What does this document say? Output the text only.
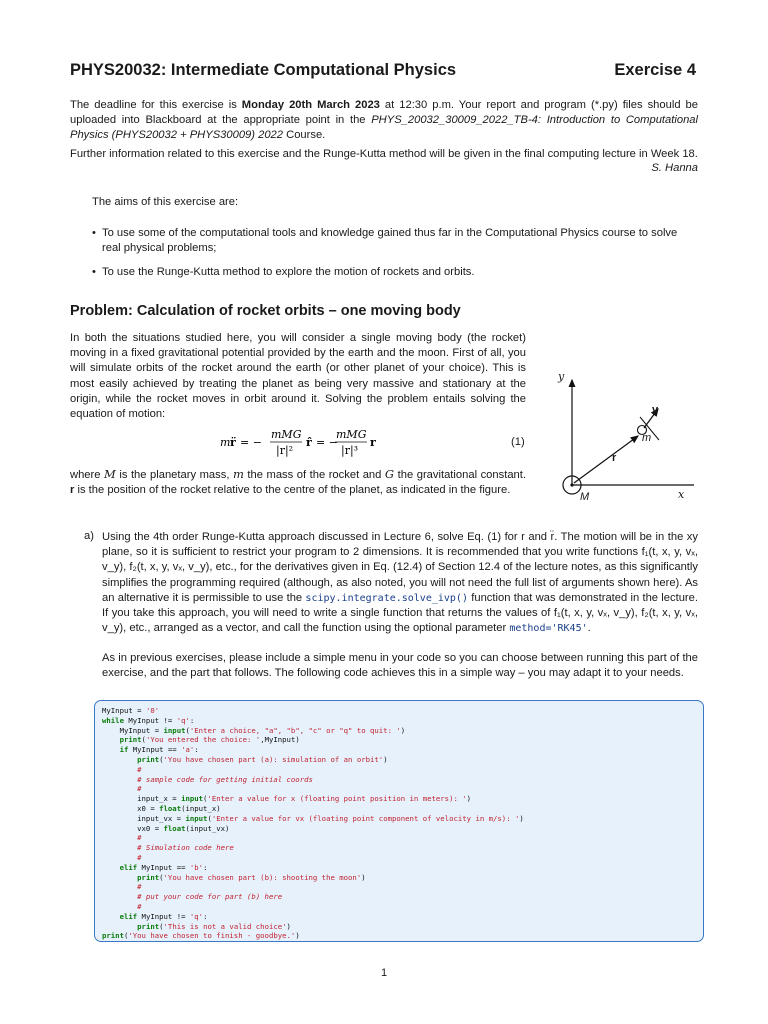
PHYS20032: Intermediate Computational Physics	Exercise 4
The deadline for this exercise is Monday 20th March 2023 at 12:30 p.m. Your report and program (*.py) files should be uploaded into Blackboard at the appropriate point in the PHYS_20032_30009_2022_TB-4: Introduction to Computational Physics (PHYS20032 + PHYS30009) 2022 Course.
Further information related to this exercise and the Runge-Kutta method will be given in the final computing lecture in Week 18.
S. Hanna
The aims of this exercise are:
• To use some of the computational tools and knowledge gained thus far in the Computational Physics course to solve real physical problems;
• To use the Runge-Kutta method to explore the motion of rockets and orbits.
Problem: Calculation of rocket orbits – one moving body
In both the situations studied here, you will consider a single moving body (the rocket) moving in a fixed gravitational potential provided by the earth and the moon. First of all, you will simulate orbits of the rocket around the earth (or other planet of your choice). This is most easily achieved by treating the planet as being very massive and stationary at the origin, while the rocket moves in orbit around it. Solving the problem entails solving the equation of motion:
m r̈ = −
mMG
|r|²
r̂ = −
mMG
|r|³
r	(1)
where M is the planetary mass, m the mass of the rocket and G the gravitational constant. r is the position of the rocket relative to the centre of the planet, as indicated in the figure.
y
x
v
m
r
M
a) Using the 4th order Runge-Kutta approach discussed in Lecture 6, solve Eq. (1) for r and r̈. The motion will be in the xy plane, so it is sufficient to restrict your program to 2 dimensions. It is recommended that you write functions f₁(t, x, y, vₓ, v_y), f₂(t, x, y, vₓ, v_y), etc., for the derivatives given in Eq. (12.4) of Section 12.4 of the lecture notes, as this significantly simplifies the programming required (although, as also noted, you will not need the full list of arguments shown here). As an alternative it is permissible to use the scipy.integrate.solve_ivp() function that was demonstrated in the lecture. If you take this approach, you will need to write a single function that returns the values of f₁(t, x, y, vₓ, v_y), f₂(t, x, y, vₓ, v_y), etc., arranged as a vector, and call the function using the optional parameter method='RK45'.
As in previous exercises, please include a simple menu in your code so you can choose between running this part of the exercise, and the part that follows. The following code achieves this in a simple way – you may adapt it to your needs.
MyInput = '0'
while MyInput != 'q':
MyInput = input('Enter a choice, "a", "b", "c" or "q" to quit: ')
print('You entered the choice: ',MyInput)
if MyInput == 'a':
print('You have chosen part (a): simulation of an orbit')
#
# sample code for getting initial coords
#
input_x = input('Enter a value for x (floating point position in meters): ')
x0 = float(input_x)
input_vx = input('Enter a value for vx (floating point component of velocity in m/s): ')
vx0 = float(input_vx)
#
# Simulation code here
#
elif MyInput == 'b':
print('You have chosen part (b): shooting the moon')
#
# put your code for part (b) here
#
elif MyInput != 'q':
print('This is not a valid choice')
print('You have chosen to finish - goodbye.')
1
